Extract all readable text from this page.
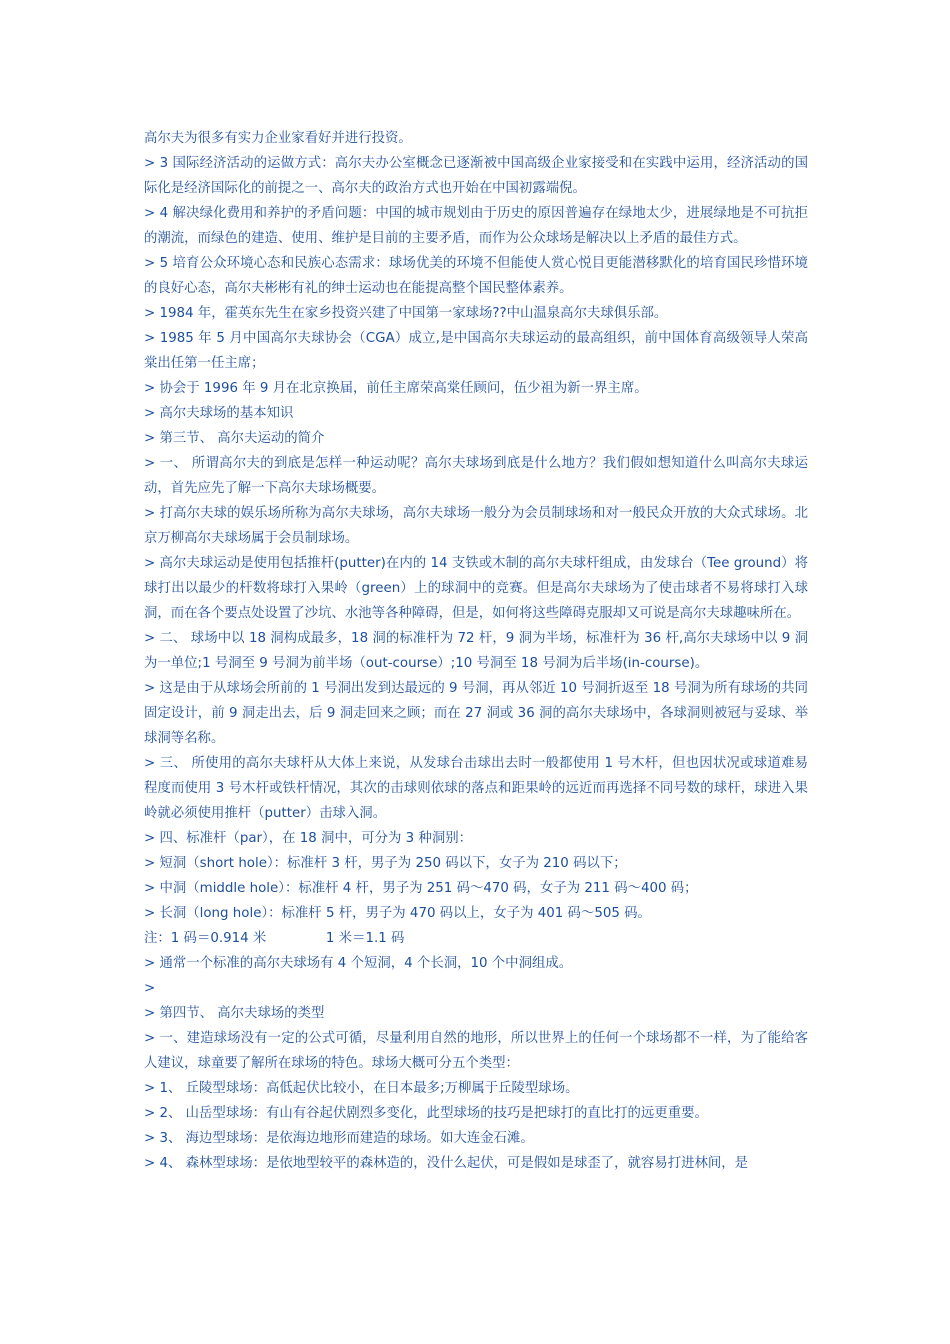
高尔夫为很多有实力企业家看好并进行投资。

> 3 国际经济活动的运做方式：高尔夫办公室概念已逐渐被中国高级企业家接受和在实践中运用，经济活动的国际化是经济国际化的前提之一、高尔夫的政治方式也开始在中国初露端倪。

> 4 解决绿化费用和养护的矛盾问题：中国的城市规划由于历史的原因普遍存在绿地太少，进展绿地是不可抗拒的潮流，而绿色的建造、使用、维护是目前的主要矛盾，而作为公众球场是解决以上矛盾的最佳方式。

> 5 培育公众环境心态和民族心态需求：球场优美的环境不但能使人赏心悦目更能潜移默化的培育国民珍惜环境的良好心态，高尔夫彬彬有礼的绅士运动也在能提高整个国民整体素养。

> 1984 年，霍英东先生在家乡投资兴建了中国第一家球场??中山温泉高尔夫球俱乐部。

> 1985 年 5 月中国高尔夫球协会（CGA）成立,是中国高尔夫球运动的最高组织，前中国体育高级领导人荣高棠出任第一任主席；

> 协会于 1996 年 9 月在北京换届，前任主席荣高棠任顾问，伍少祖为新一界主席。

> 高尔夫球场的基本知识

> 第三节、 高尔夫运动的简介

> 一、 所谓高尔夫的到底是怎样一种运动呢？高尔夫球场到底是什么地方？我们假如想知道什么叫高尔夫球运动，首先应先了解一下高尔夫球场概要。

> 打高尔夫球的娱乐场所称为高尔夫球场，高尔夫球场一般分为会员制球场和对一般民众开放的大众式球场。北京万柳高尔夫球场属于会员制球场。

> 高尔夫球运动是使用包括推杆(putter)在内的 14 支铁或木制的高尔夫球杆组成，由发球台（Tee ground）将球打出以最少的杆数将球打入果岭（green）上的球洞中的竞赛。但是高尔夫球场为了使击球者不易将球打入球洞，而在各个要点处设置了沙坑、水池等各种障碍，但是，如何将这些障碍克服却又可说是高尔夫球趣味所在。

> 二、 球场中以 18 洞构成最多，18 洞的标准杆为 72 杆，9 洞为半场，标准杆为 36 杆,高尔夫球场中以 9 洞为一单位;1 号洞至 9 号洞为前半场（out-course）;10 号洞至 18 号洞为后半场(in-course)。

> 这是由于从球场会所前的 1 号洞出发到达最远的 9 号洞，再从邻近 10 号洞折返至 18 号洞为所有球场的共同固定设计，前 9 洞走出去，后 9 洞走回来之顾；而在 27 洞或 36 洞的高尔夫球场中，各球洞则被冠与妥球、举球洞等名称。

> 三、 所使用的高尔夫球杆从大体上来说，从发球台击球出去时一般都使用 1 号木杆，但也因状况或球道难易程度而使用 3 号木杆或铁杆情况，其次的击球则依球的落点和距果岭的远近而再选择不同号数的球杆，球进入果岭就必须使用推杆（putter）击球入洞。

> 四、标准杆（par），在 18 洞中，可分为 3 种洞别：

> 短洞（short hole）：标准杆 3 杆，男子为 250 码以下，女子为 210 码以下；

> 中洞（middle hole）：标准杆 4 杆，男子为 251 码～470 码，女子为 211 码～400 码；

> 长洞（long hole）：标准杆 5 杆，男子为 470 码以上，女子为 401 码～505 码。

注：1 码＝0.914 米              1 米＝1.1 码

> 通常一个标准的高尔夫球场有 4 个短洞，4 个长洞，10 个中洞组成。

>

> 第四节、 高尔夫球场的类型

> 一、建造球场没有一定的公式可循，尽量利用自然的地形，所以世界上的任何一个球场都不一样，为了能给客人建议，球童要了解所在球场的特色。球场大概可分五个类型：

> 1、 丘陵型球场：高低起伏比较小，在日本最多;万柳属于丘陵型球场。

> 2、 山岳型球场：有山有谷起伏剧烈多变化，此型球场的技巧是把球打的直比打的远更重要。

> 3、 海边型球场：是依海边地形而建造的球场。如大连金石滩。

> 4、 森林型球场：是依地型较平的森林造的，没什么起伏，可是假如是球歪了，就容易打进林间，是
